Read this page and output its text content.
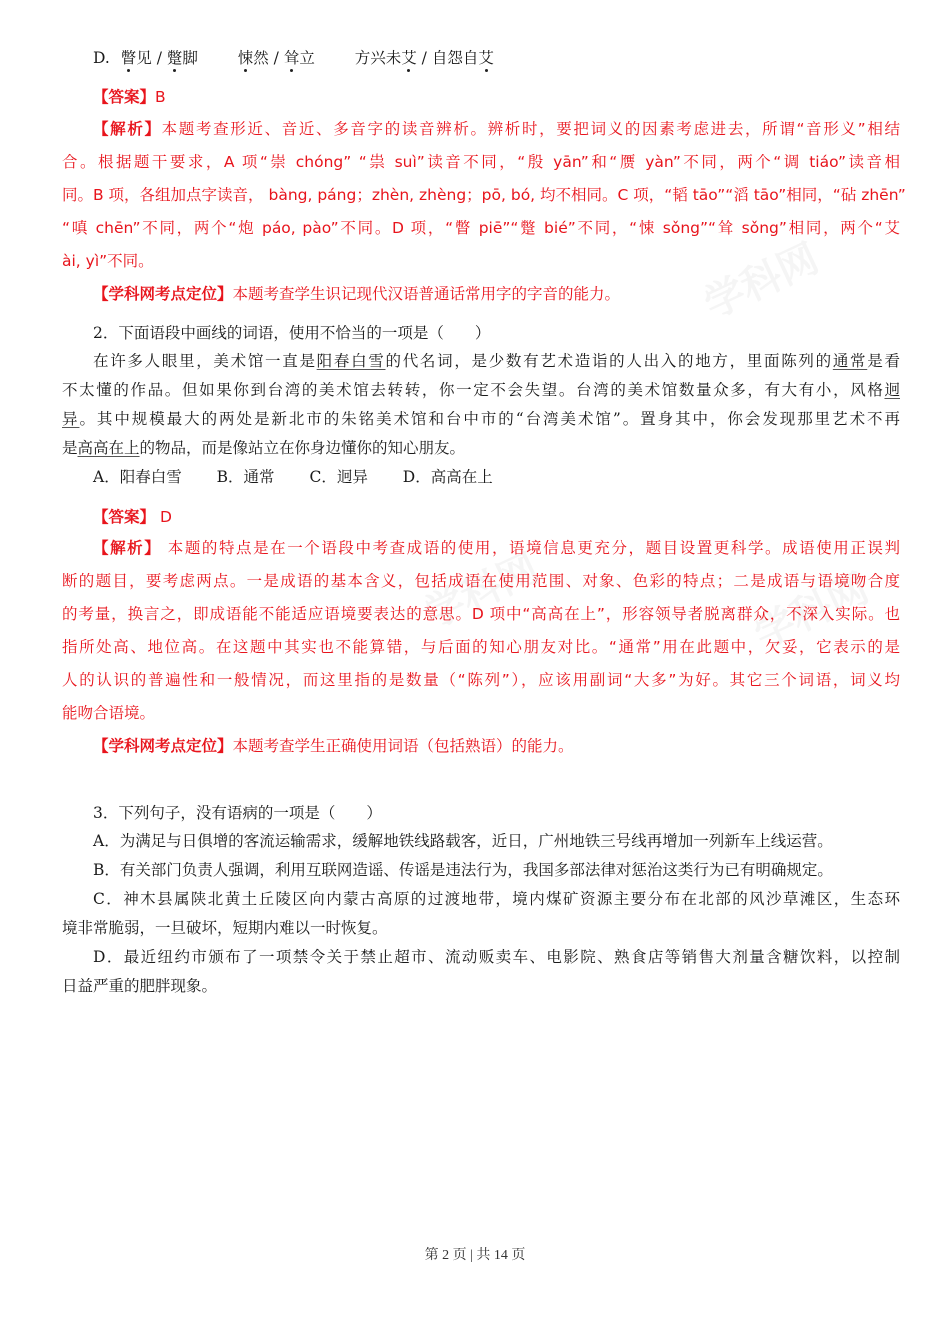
学科网
学科网	学科网
D. 瞥见 / 蹩脚  悚然 / 耸立  方兴未艾 / 自怨自艾
【答案】B
【解析】本题考查形近、音近、多音字的读音辨析。辨析时，要把词义的因素考虑进去，所谓“音形义”相结
合。根据题干要求，A 项“崇 chóng” “祟 suì”读音不同，“殷 yān”和“赝 yàn”不同，两个“调 tiáo”读音相
同。B 项，各组加点字读音， bàng, páng；zhèn, zhèng；pō, bó, 均不相同。C 项，“韬 tāo”“滔 tāo”相同，“砧 zhēn”
“嗔 chēn”不同，两个“炮 páo, pào”不同。D 项，“瞥 piē”“蹩 bié”不同，“悚 sǒng”“耸 sǒng”相同，两个“艾
ài, yì”不同。
【学科网考点定位】本题考查学生识记现代汉语普通话常用字的字音的能力。
2．下面语段中画线的词语，使用不恰当的一项是（　　）
在许多人眼里，美术馆一直是阳春白雪的代名词，是少数有艺术造诣的人出入的地方，里面陈列的通常是看
不太懂的作品。但如果你到台湾的美术馆去转转，你一定不会失望。台湾的美术馆数量众多，有大有小，风格迥
异。其中规模最大的两处是新北市的朱铭美术馆和台中市的“台湾美术馆”。置身其中，你会发现那里艺术不再
是高高在上的物品，而是像站立在你身边懂你的知心朋友。
A．阳春白雪 B．通常 C．迥异 D．高高在上
【答案】 D
【解析】 本题的特点是在一个语段中考查成语的使用，语境信息更充分，题目设置更科学。成语使用正误判
断的题目，要考虑两点。一是成语的基本含义，包括成语在使用范围、对象、色彩的特点；二是成语与语境吻合度
的考量，换言之，即成语能不能适应语境要表达的意思。D 项中“高高在上”，形容领导者脱离群众，不深入实际。也
指所处高、地位高。在这题中其实也不能算错，与后面的知心朋友对比。“通常”用在此题中，欠妥，它表示的是
人的认识的普遍性和一般情况，而这里指的是数量（“陈列”），应该用副词“大多”为好。其它三个词语，词义均
能吻合语境。
【学科网考点定位】本题考查学生正确使用词语（包括熟语）的能力。
3．下列句子，没有语病的一项是（　　）
A．为满足与日俱增的客流运输需求，缓解地铁线路载客，近日，广州地铁三号线再增加一列新车上线运营。
B．有关部门负责人强调，利用互联网造谣、传谣是违法行为，我国多部法律对惩治这类行为已有明确规定。
C．神木县属陕北黄土丘陵区向内蒙古高原的过渡地带，境内煤矿资源主要分布在北部的风沙草滩区，生态环
境非常脆弱，一旦破坏，短期内难以一时恢复。
D．最近纽约市颁布了一项禁令关于禁止超市、流动贩卖车、电影院、熟食店等销售大剂量含糖饮料，以控制
日益严重的肥胖现象。
第 2 页 | 共 14 页
